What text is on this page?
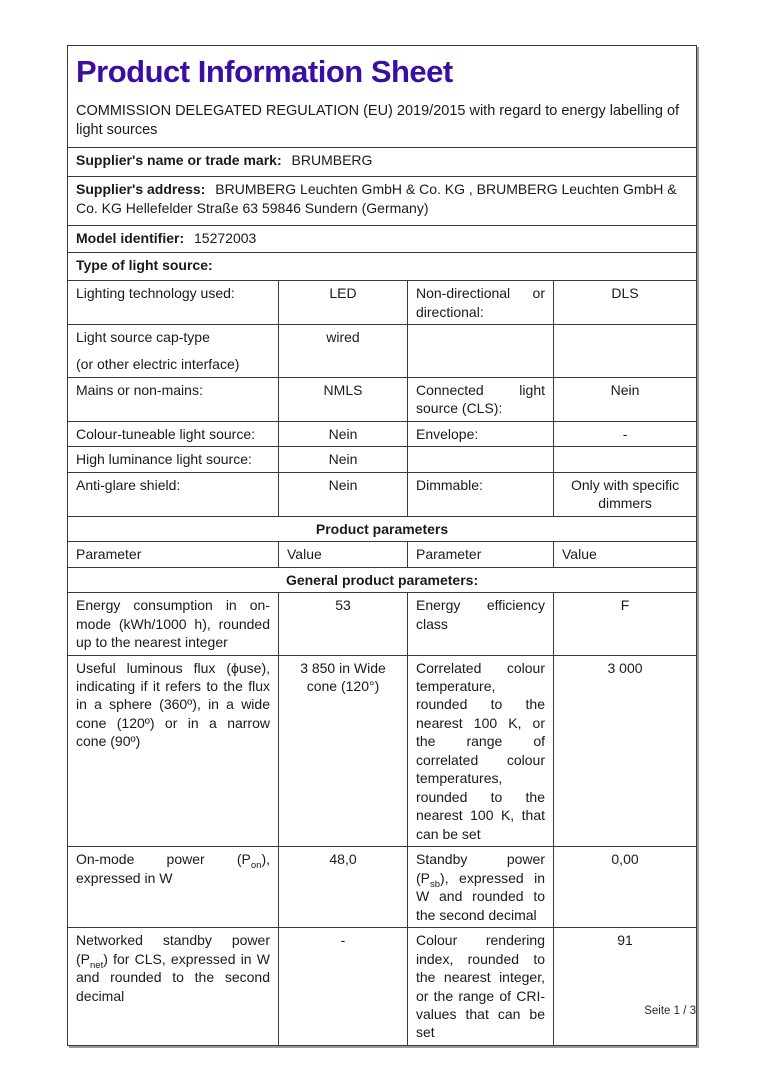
Product Information Sheet
COMMISSION DELEGATED REGULATION (EU) 2019/2015 with regard to energy labelling of light sources

Supplier's name or trade mark: BRUMBERG			
Supplier's address: BRUMBERG Leuchten GmbH & Co. KG , BRUMBERG Leuchten GmbH & Co. KG Hellefelder Straße 63 59846 Sundern (Germany)			
Model identifier: 15272003			
Type of light source:			
Lighting technology used:	LED	Non-directional or directional:	DLS

Light source cap-type
(or other electric interface)	wired		
Mains or non-mains:	NMLS	Connected light source (CLS):	Nein
Colour-tuneable light source:	Nein	Envelope:	-
High luminance light source:	Nein		
Anti-glare shield:	Nein	Dimmable:	Only with specific dimmers
Product parameters			
Parameter	Value	Parameter	Value
General product parameters:			
Energy consumption in on-mode (kWh/1000 h), rounded up to the nearest integer	53	Energy efficiency class	F
Useful luminous flux (ϕuse), indicating if it refers to the flux in a sphere (360º), in a wide cone (120º) or in a narrow cone (90º)	3 850 in Wide cone (120°)	Correlated colour temperature, rounded to the nearest 100 K, or the range of correlated colour temperatures, rounded to the nearest 100 K, that can be set	3 000
On-mode power $(P_{on})$, expressed in W	48,0	Standby power $(P_{sb})$, expressed in W and rounded to the second decimal	0,00
Networked standby power $(P_{net})$ for CLS, expressed in W and rounded to the second decimal	-	Colour rendering index, rounded to the nearest integer, or the range of CRI-values that can be set	91
Seite 1 / 3
